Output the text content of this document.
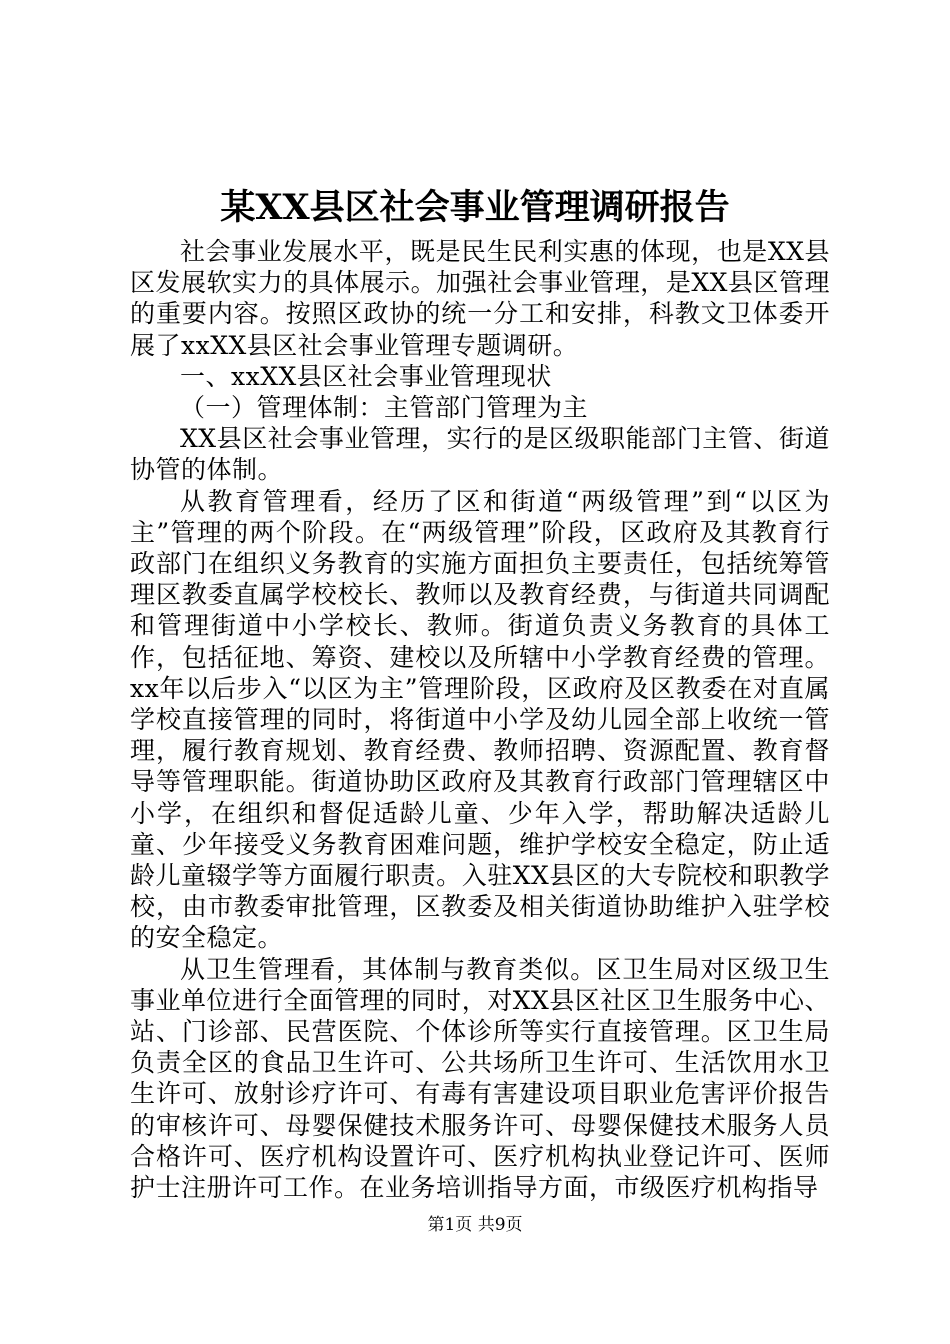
某XX县区社会事业管理调研报告

社会事业发展水平，既是民生民利实惠的体现，也是XX县区发展软实力的具体展示。加强社会事业管理，是XX县区管理的重要内容。按照区政协的统一分工和安排，科教文卫体委开展了xxXX县区社会事业管理专题调研。

一、xxXX县区社会事业管理现状

（一）管理体制：主管部门管理为主

XX县区社会事业管理，实行的是区级职能部门主管、街道协管的体制。

从教育管理看，经历了区和街道“两级管理”到“以区为主”管理的两个阶段。在“两级管理”阶段，区政府及其教育行政部门在组织义务教育的实施方面担负主要责任，包括统筹管理区教委直属学校校长、教师以及教育经费，与街道共同调配和管理街道中小学校长、教师。街道负责义务教育的具体工作，包括征地、筹资、建校以及所辖中小学教育经费的管理。xx年以后步入“以区为主”管理阶段，区政府及区教委在对直属学校直接管理的同时，将街道中小学及幼儿园全部上收统一管理，履行教育规划、教育经费、教师招聘、资源配置、教育督导等管理职能。街道协助区政府及其教育行政部门管理辖区中小学，在组织和督促适龄儿童、少年入学，帮助解决适龄儿童、少年接受义务教育困难问题，维护学校安全稳定，防止适龄儿童辍学等方面履行职责。入驻XX县区的大专院校和职教学校，由市教委审批管理，区教委及相关街道协助维护入驻学校的安全稳定。

从卫生管理看，其体制与教育类似。区卫生局对区级卫生事业单位进行全面管理的同时，对XX县区社区卫生服务中心、站、门诊部、民营医院、个体诊所等实行直接管理。区卫生局负责全区的食品卫生许可、公共场所卫生许可、生活饮用水卫生许可、放射诊疗许可、有毒有害建设项目职业危害评价报告的审核许可、母婴保健技术服务许可、母婴保健技术服务人员合格许可、医疗机构设置许可、医疗机构执业登记许可、医师护士注册许可工作。在业务培训指导方面，市级医疗机构指导

第1页 共9页
